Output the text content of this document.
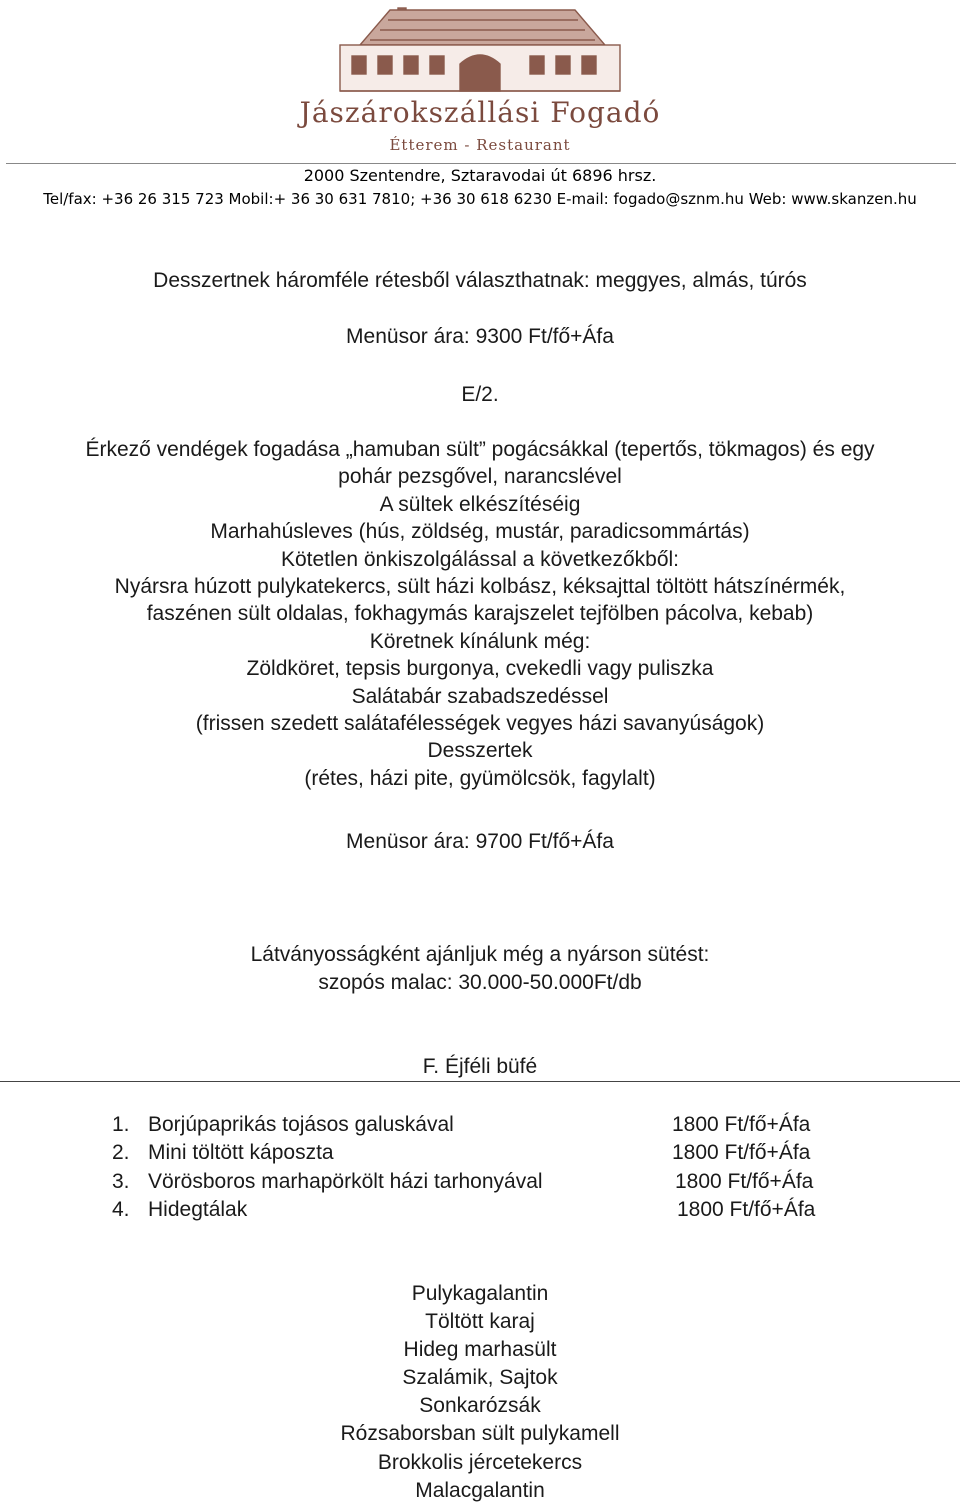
Jászárokszállási Fogadó
Étterem - Restaurant
2000 Szentendre, Sztaravodai út 6896 hrsz.
Tel/fax: +36 26 315 723 Mobil:+ 36 30 631 7810; +36 30 618 6230 E-mail: fogado@sznm.hu Web: www.skanzen.hu
Desszertnek háromféle rétesből választhatnak: meggyes, almás, túrós
Menüsor ára: 9300 Ft/fő+Áfa
E/2.
Érkező vendégek fogadása „hamuban sült” pogácsákkal (tepertős, tökmagos) és egy
pohár pezsgővel, narancslével
A sültek elkészítéséig
Marhahúsleves (hús, zöldség, mustár, paradicsommártás)
Kötetlen önkiszolgálással a következőkből:
Nyársra húzott pulykatekercs, sült házi kolbász, kéksajttal töltött hátszínérmék,
faszénen sült oldalas, fokhagymás karajszelet tejfölben pácolva, kebab)
Köretnek kínálunk még:
Zöldköret, tepsis burgonya, cvekedli vagy puliszka
Salátabár szabadszedéssel
(frissen szedett salátafélességek vegyes házi savanyúságok)
Desszertek
(rétes, házi pite, gyümölcsök, fagylalt)
Menüsor ára: 9700 Ft/fő+Áfa
Látványosságként ajánljuk még a nyárson sütést:
szopós malac: 30.000-50.000Ft/db
F. Éjféli büfé
1. Borjúpaprikás tojásos galuskával	1800 Ft/fő+Áfa
2. Mini töltött káposzta	1800 Ft/fő+Áfa
3. Vörösboros marhapörkölt házi tarhonyával	1800 Ft/fő+Áfa
4. Hidegtálak	1800 Ft/fő+Áfa
Pulykagalantin
Töltött karaj
Hideg marhasült
Szalámik, Sajtok
Sonkarózsák
Rózsaborsban sült pulykamell
Brokkolis jércetekercs
Malacgalantin
